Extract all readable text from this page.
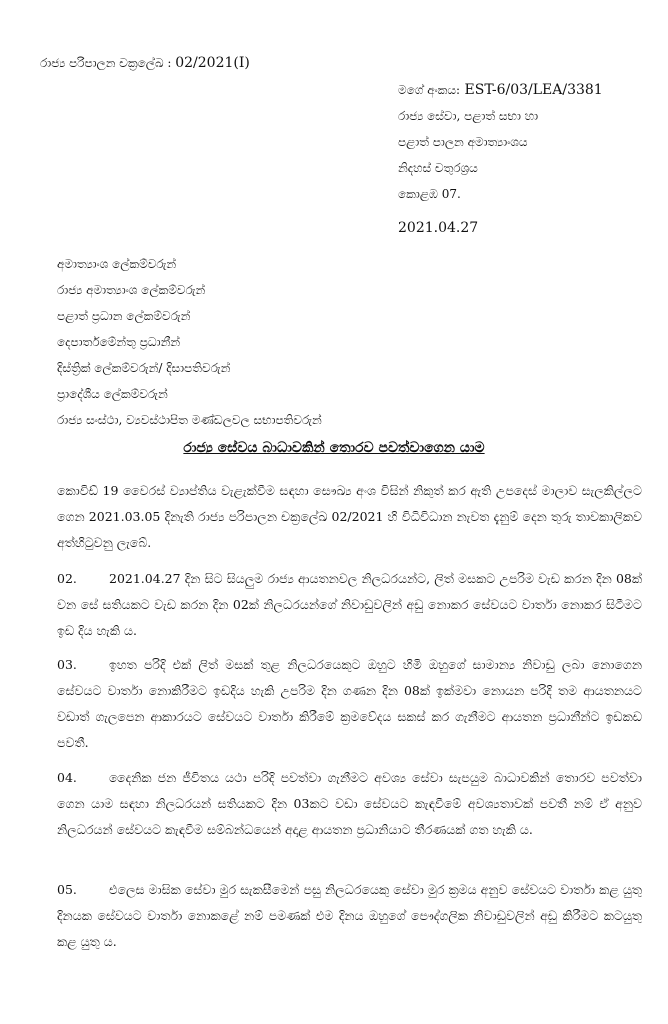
රාජ්‍ය පරිපාලන චක්‍රලේඛ : 02/2021(I)
මගේ අංකය: EST-6/03/LEA/3381
රාජ්‍ය සේවා, පළාත් සභා හා
පළාත් පාලන අමාත්‍යාංශය
නිදහස් චතුරශ්‍රය
කොළඹ 07.
2021.04.27
අමාත්‍යාංශ ලේකම්වරුන්
රාජ්‍ය අමාත්‍යාංශ ලේකම්වරුන්
පළාත් ප්‍රධාන ලේකම්වරුන්
දෙපාර්තමේන්තු ප්‍රධානීන්
දිස්ත්‍රික් ලේකම්වරුන්/ දිසාපතිවරුන්
ප්‍රාදේශීය ලේකම්වරුන්
රාජ්‍ය සංස්ථා, ව්‍යවස්ථාපිත මණ්ඩලවල සභාපතිවරුන්
රාජ්‍ය සේවය බාධාවකින් තොරව පවත්වාගෙන යාම
කොවිඩ් 19 වෛරස් ව්‍යාප්තිය වැළැක්වීම සඳහා සෞඛ්‍ය අංශ විසින් නිකුත් කර ඇති උපදෙස් මාලාව සැලකිල්ලට ගෙන 2021.03.05 දිනැති රාජ්‍ය පරිපාලන චක්‍රලේඛ 02/2021 හි විධිවිධාන නැවත දැනුම් දෙන තුරු තාවකාලිකව අත්හිටුවනු ලැබේ.
02.	2021.04.27 දින සිට සියලුම රාජ්‍ය ආයතනවල නිලධරයන්ට, ලිත් මසකට උපරිම වැඩ කරන දින 08ක් වන සේ සතියකට වැඩ කරන දින 02ක් නිලධරයන්ගේ නිවාඩුවලින් අඩු නොකර සේවයට වාර්තා නොකර සිටීමට ඉඩ දිය හැකි ය.
03.	ඉහත පරිදි එක් ලිත් මසක් තුළ නිලධරයෙකුට ඔහුට හිමි ඔහුගේ සාමාන්‍ය නිවාඩු ලබා නොගෙන සේවයට වාර්තා නොකිරීමට ඉඩදිය හැකි උපරිම දින ගණන දින 08ක් ඉක්මවා නොයන පරිදි තම ආයතනයට වඩාත් ගැලපෙන ආකාරයට සේවයට වාර්තා කිරීමේ ක්‍රමවේදය සකස් කර ගැනීමට ආයතන ප්‍රධානීන්ට ඉඩකඩ පවතී.
04.	දෛනික ජන ජීවිතය යථා පරිදි පවත්වා ගැනීමට අවශ්‍ය සේවා සැපයුම බාධාවකින් තොරව පවත්වා ගෙන යාම සඳහා නිලධරයන් සතියකට දින 03කට වඩා සේවයට කැඳවීමේ අවශ්‍යතාවක් පවතී නම් ඒ අනුව නිලධරයන් සේවයට කැඳවීම සම්බන්ධයෙන් අදාළ ආයතන ප්‍රධානියාට තීරණයක් ගත හැකි ය.
05.	එලෙස මාසික සේවා මුර සැකසීමෙන් පසු නිලධරයෙකු සේවා මුර ක්‍රමය අනුව සේවයට වාර්තා කළ යුතු දිනයක සේවයට වාර්තා නොකළේ නම් පමණක් එම දිනය ඔහුගේ පෞද්ගලික නිවාඩුවලින් අඩු කිරීමට කටයුතු කළ යුතු ය.
